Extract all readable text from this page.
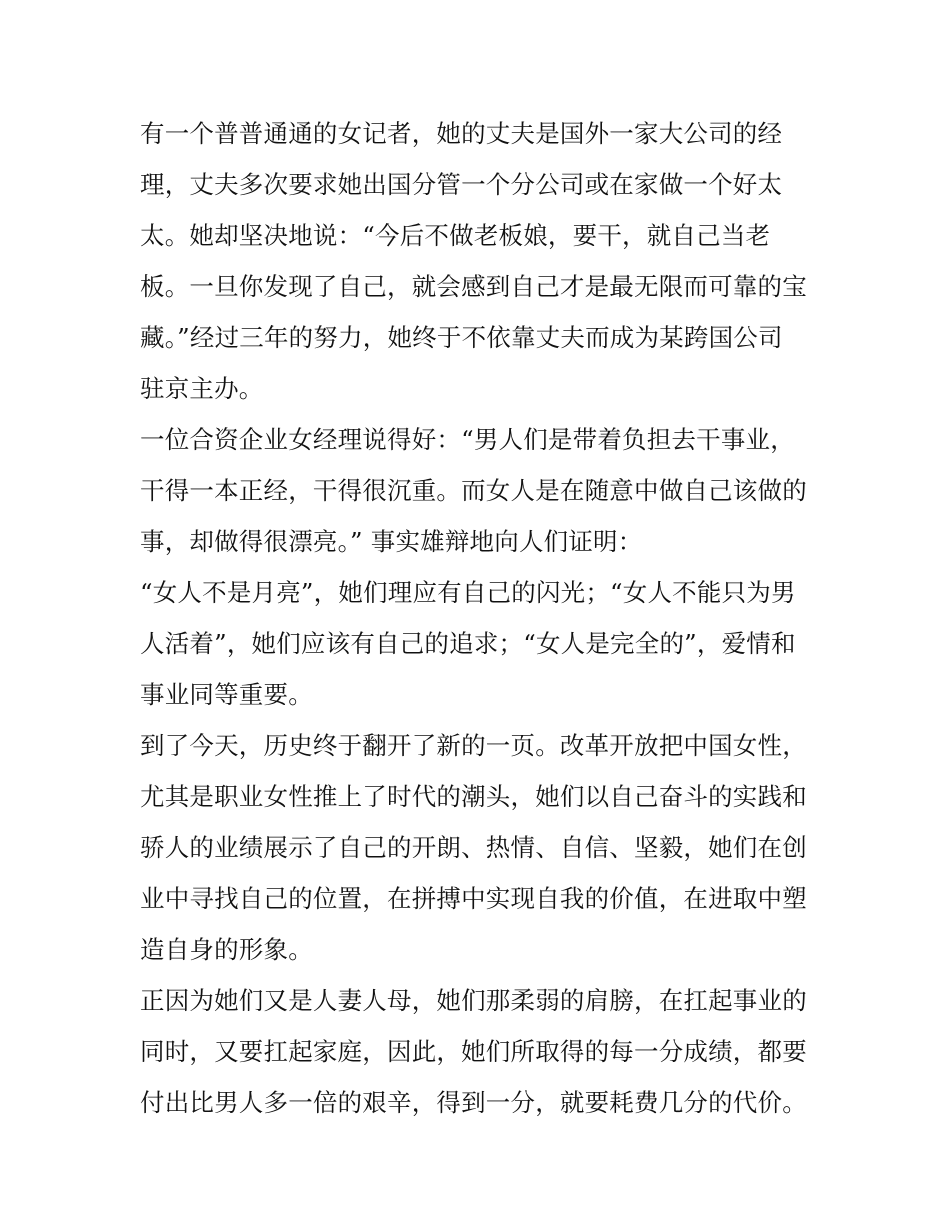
有一个普普通通的女记者，她的丈夫是国外一家大公司的经
理，丈夫多次要求她出国分管一个分公司或在家做一个好太
太。她却坚决地说：“今后不做老板娘，要干，就自己当老
板。一旦你发现了自己，就会感到自己才是最无限而可靠的宝
藏。”经过三年的努力，她终于不依靠丈夫而成为某跨国公司
驻京主办。
一位合资企业女经理说得好：“男人们是带着负担去干事业，
干得一本正经，干得很沉重。而女人是在随意中做自己该做的
事，却做得很漂亮。” 事实雄辩地向人们证明：
“女人不是月亮”，她们理应有自己的闪光；“女人不能只为男
人活着”，她们应该有自己的追求；“女人是完全的”，爱情和
事业同等重要。
到了今天，历史终于翻开了新的一页。改革开放把中国女性，
尤其是职业女性推上了时代的潮头，她们以自己奋斗的实践和
骄人的业绩展示了自己的开朗、热情、自信、坚毅，她们在创
业中寻找自己的位置，在拼搏中实现自我的价值，在进取中塑
造自身的形象。
正因为她们又是人妻人母，她们那柔弱的肩膀，在扛起事业的
同时，又要扛起家庭，因此，她们所取得的每一分成绩，都要
付出比男人多一倍的艰辛，得到一分，就要耗费几分的代价。
